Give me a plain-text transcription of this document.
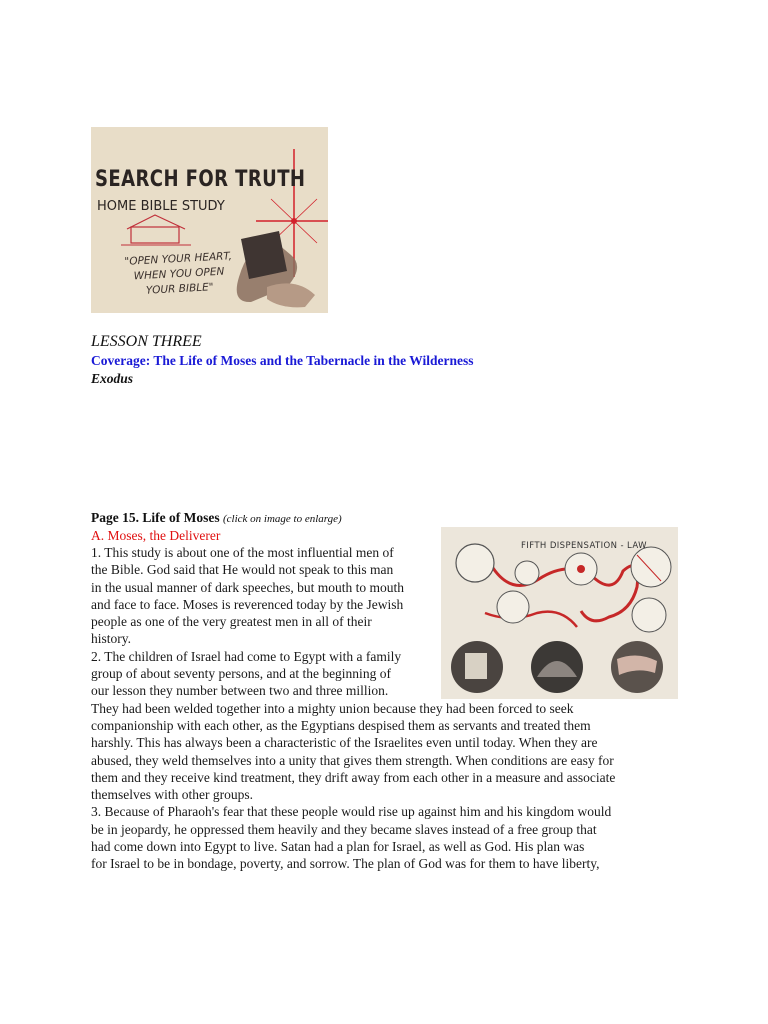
SEARCH FOR TRUTH
HOME BIBLE STUDY
"OPEN YOUR HEART, WHEN YOU OPEN YOUR BIBLE"
LESSON THREE
Coverage: The Life of Moses and the Tabernacle in the Wilderness
Exodus
Page 15. Life of Moses (click on image to enlarge)
A. Moses, the Deliverer
FIFTH DISPENSATION - LAW
1. This study is about one of the most influential men of
the Bible. God said that He would not speak to this man
in the usual manner of dark speeches, but mouth to mouth
and face to face. Moses is reverenced today by the Jewish
people as one of the very greatest men in all of their
history.
2. The children of Israel had come to Egypt with a family
group of about seventy persons, and at the beginning of
our lesson they number between two and three million.
They had been welded together into a mighty union because they had been forced to seek
companionship with each other, as the Egyptians despised them as servants and treated them
harshly. This has always been a characteristic of the Israelites even until today. When they are
abused, they weld themselves into a unity that gives them strength. When conditions are easy for
them and they receive kind treatment, they drift away from each other in a measure and associate
themselves with other groups.
3. Because of Pharaoh's fear that these people would rise up against him and his kingdom would
be in jeopardy, he oppressed them heavily and they became slaves instead of a free group that
had come down into Egypt to live. Satan had a plan for Israel, as well as God. His plan was
for Israel to be in bondage, poverty, and sorrow. The plan of God was for them to have liberty,
